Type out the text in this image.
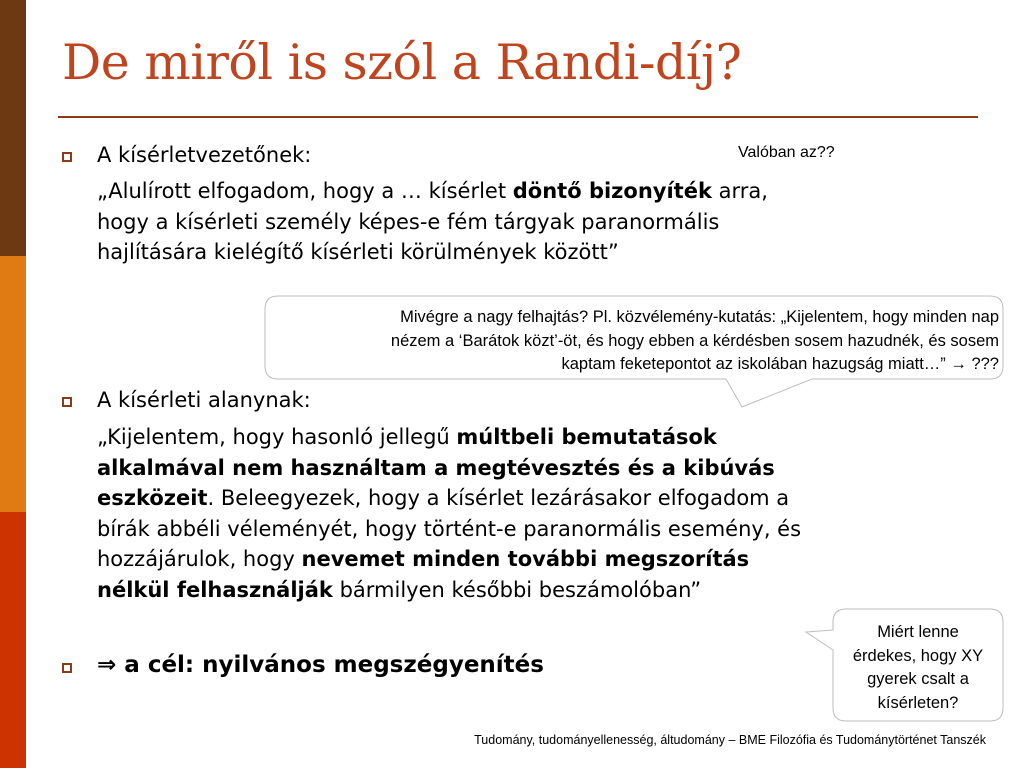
De miről is szól a Randi-díj?
A kísérletvezetőnek:
„Alulírott elfogadom, hogy a … kísérlet döntő bizonyíték arra,
hogy a kísérleti személy képes-e fém tárgyak paranormális
hajlítására kielégítő kísérleti körülmények között”
Valóban az??
Mivégre a nagy felhajtás? Pl. közvélemény-kutatás: „Kijelentem, hogy minden nap
nézem a ‘Barátok közt’-öt, és hogy ebben a kérdésben sosem hazudnék, és sosem
kaptam feketepontot az iskolában hazugság miatt…” → ???
A kísérleti alanynak:
„Kijelentem, hogy hasonló jellegű múltbeli bemutatások
alkalmával nem használtam a megtévesztés és a kibúvás
eszközeit. Beleegyezek, hogy a kísérlet lezárásakor elfogadom a
bírák abbéli véleményét, hogy történt-e paranormális esemény, és
hozzájárulok, hogy nevemet minden további megszorítás
nélkül felhasználják bármilyen későbbi beszámolóban”
Miért lenne
érdekes, hogy XY
gyerek csalt a
kísérleten?
⇒ a cél: nyilvános megszégyenítés
Tudomány, tudományellenesség, áltudomány – BME Filozófia és Tudománytörténet Tanszék
